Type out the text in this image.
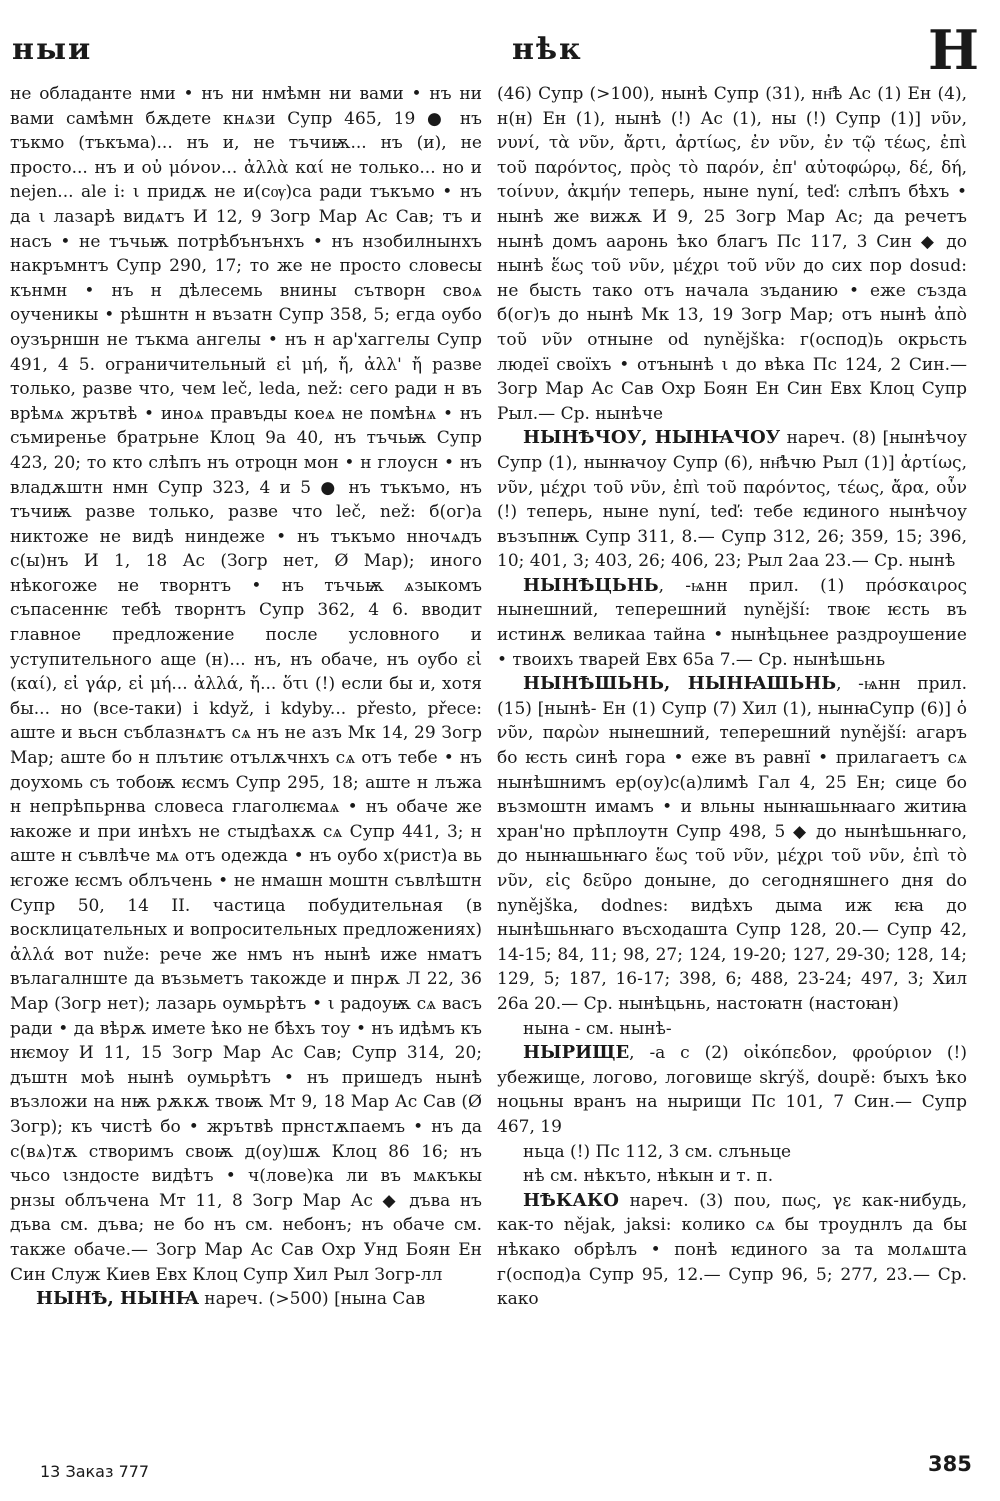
ныи	нѣк	Н

не обладанте нми • нъ ни нмѣмн ни вами • нъ ни вами самѣмн бѫдете кнѧзи Супр 465, 19 ● нъ тъкмо (тъкъма)... нъ и, не тъчиѭ... нъ (и), не просто... нъ и οὐ μόνον... ἀλλὰ καί не только... но и nejen... ale i: ι придѫ не и(сѹ)са ради тъкъмо • нъ да ι лазарѣ видѧтъ И 12, 9 Зогр Мар Ас Сав; тъ и насъ • не тъчьѭ потрѣбънънхъ • нъ нзобилнынхъ накръмнтъ Супр 290, 17; то же не просто словесы кънмн • нъ н дѣлесемь внины сътворн своѧ оученикы • рѣшнтн н възатн Супр 358, 5; егда оубо оузърншн не тъкма ангелы • нъ н ар'хаггелы Супр 491, 4 5. ограничительный εἰ μή, ἤ, ἀλλ' ἤ разве только, разве что, чем leč, leda, než: сего ради н въ врѣмѧ жрътвѣ • иноѧ правъды коеѧ не помѣнѧ • нъ съмиренье братрьне Клоц 9а 40, нъ тъчьѭ Супр 423, 20; то кто слѣпъ нъ отроцн мон • н глоусн • нъ владѫштн нмн Супр 323, 4 и 5 ● нъ тъкъмо, нъ тъчиѭ разве только, разве что leč, než: б(ог)а никтоже не видѣ ниндеже • нъ тъкъмо нночѧдъ с(ы)нъ И 1, 18 Ас (Зогр нет, Ø Мар); иного нѣкогоже не творнтъ • нъ тъчьѭ ѧзыкомъ съпасеннѥ тебѣ творнтъ Супр 362, 4 6. вводит главное предложение после условного и уступительного аще (н)... нъ, нъ обаче, нъ оубо εἰ (καί), εἰ γάρ, εἰ μή... ἀλλά, ἤ... ὅτι (!) если бы и, хотя бы... но (все-таки) i když, i kdyby... přesto, přece: аште и вьсн съблазнѧтъ сѧ нъ не азъ Мк 14, 29 Зогр Мар; аште бо н плътиѥ отълѫчнхъ сѧ отъ тебе • нъ доухомь съ тобоѭ ѥсмъ Супр 295, 18; аште н лъжа н непрѣпьрнва словеса глаголѥмаѧ • нъ обаче же ꙗкоже и при инѣхъ не стыдѣахѫ сѧ Супр 441, 3; н аште н съвлѣче мѧ отъ одежда • нъ оубо х(рист)а вь ѥгоже ѥсмъ облъчень • не нмашн моштн съвлѣштн Супр 50, 14 II. частица побудительная (в восклицательных и вопросительных предложениях) ἀλλά вот nuže: рече же нмъ нъ нынѣ иже нматъ вълагалнште да възьметъ такожде и пнрѫ Л 22, 36 Мар (Зогр нет); лазарь оумьрѣтъ • ι радоуѭ сѧ васъ ради • да вѣрѫ имете ѣко не бѣхъ тоу • нъ идѣмъ къ нѥмоу И 11, 15 Зогр Мар Ас Сав; Супр 314, 20; дъштн моѣ нынѣ оумьрѣтъ • нъ пришедъ нынѣ възложи на нѭ рѫкѫ твоѭ Мт 9, 18 Мар Ас Сав (Ø Зогр); къ чистѣ бо • жрътвѣ прнстѫпаемъ • нъ да с(вѧ)тѫ створимъ своѭ д(оу)шѫ Клоц 86 16; нъ чьсо ιзндосте видѣтъ • ч(лове)ка ли въ мѧкъкы рнзы облъчена Мт 11, 8 Зогр Мар Ас ◆ дъва нъ дъва см. дъва; не бо нъ см. небонъ; нъ обаче см. также обаче.— Зогр Мар Ас Сав Охр Унд Боян Ен Син Служ Киев Евх Клоц Супр Хил Рыл Зогр-лл

НЫНѢ, НЫНꙖ нареч. (>500) [нына Сав

(46) Супр (>100), нынѣ Супр (31), нн҃ѣ Ас (1) Ен (4), н(н) Ен (1), нынѣ (!) Ас (1), ны (!) Супр (1)] νῦν, νυνί, τὰ νῦν, ἄρτι, ἀρτίως, ἐν νῦν, ἐν τῷ τέως, ἐπὶ τοῦ παρόντος, πρὸς τὸ παρόν, ἐπ' αὐτοφώρῳ, δέ, δή, τοίνυν, ἀκμήν теперь, ныне nyní, teď: слѣпъ бѣхъ • нынѣ же вижѫ И 9, 25 Зогр Мар Ас; да речетъ нынѣ домъ ааронь ѣко благъ Пс 117, 3 Син ◆ до нынѣ ἕως τοῦ νῦν, μέχρι τοῦ νῦν до сих пор dosud: не бысть тако отъ начала зъданию • еже създа б(ог)ъ до нынѣ Мк 13, 19 Зогр Мар; отъ нынѣ ἀπὸ τοῦ νῦν отныне od nynějška: г(оспод)ь окрьсть людеї своїхъ • отънынѣ ι до вѣка Пс 124, 2 Син.— Зогр Мар Ас Сав Охр Боян Ен Син Евх Клоц Супр Рыл.— Ср. нынѣче

НЫНѢЧОУ, НЫНꙖЧОУ нареч. (8) [нынѣчоу Супр (1), нынꙗчоу Супр (6), нн҃ѣчю Рыл (1)] ἀρτίως, νῦν, μέχρι τοῦ νῦν, ἐπὶ τοῦ παρόντος, τέως, ἄρα, οὖν (!) теперь, ныне nyní, teď: тебе ѥдиного нынѣчоу възъпнѭ Супр 311, 8.— Супр 312, 26; 359, 15; 396, 10; 401, 3; 403, 26; 406, 23; Рыл 2аа 23.— Ср. нынѣ

НЫНѢЦЬНЬ, -ѩнн прил. (1) πρόσκαιρος нынешний, теперешний nynější: твоѥ ѥсть въ истинѫ великаа тайна • нынѣцьнее раздроушение • твоихъ тварей Евх 65а 7.— Ср. нынѣшьнь

НЫНѢШЬНЬ, НЫНꙖШЬНЬ, -ѩнн прил. (15) [нынѣ- Ен (1) Супр (7) Хил (1), нынꙗСупр (6)] ὁ νῦν, παρὼν нынешний, теперешний nynější: агаръ бо ѥсть синѣ гора • еже въ равнї • прилагаетъ сѧ нынѣшнимъ ер(оу)с(а)лимѣ Гал 4, 25 Ен; сице бо възмоштн имамъ • и вльны нынꙗшьнꙗаго житиꙗ хран'но прѣплоутн Супр 498, 5 ◆ до нынѣшьнꙗго, до нынꙗшьнꙗго ἕως τοῦ νῦν, μέχρι τοῦ νῦν, ἐπὶ τὸ νῦν, εἰς δεῦρο доныне, до сегодняшнего дня do nynějška, dodnes: видѣхъ дыма иж ѥꙗ до нынѣшьнꙗго въсходашта Супр 128, 20.— Супр 42, 14-15; 84, 11; 98, 27; 124, 19-20; 127, 29-30; 128, 14; 129, 5; 187, 16-17; 398, 6; 488, 23-24; 497, 3; Хил 26а 20.— Ср. нынѣцьнь, настоꙗтн (настоꙗн)

нына - см. нынѣ-

НЫРИЩЕ, -а с (2) οἰκόπεδον, φρούριον (!) убежище, логово, логовище skrýš, doupě: бꙑхъ ѣко ноцьны вранъ на нырищи Пс 101, 7 Син.— Супр 467, 19

ньца (!) Пс 112, 3 см. слъньце

нѣ см. нѣкъто, нѣкын и т. п.

НѢКАКО нареч. (3) που, πως, γε как-нибудь, как-то nějak, jaksi: колико сѧ бы троуднлъ да бы нѣкако обрѣлъ • понѣ ѥдиного за та молѧшта г(оспод)а Супр 95, 12.— Супр 96, 5; 277, 23.— Ср. како

13 Заказ 777	385
